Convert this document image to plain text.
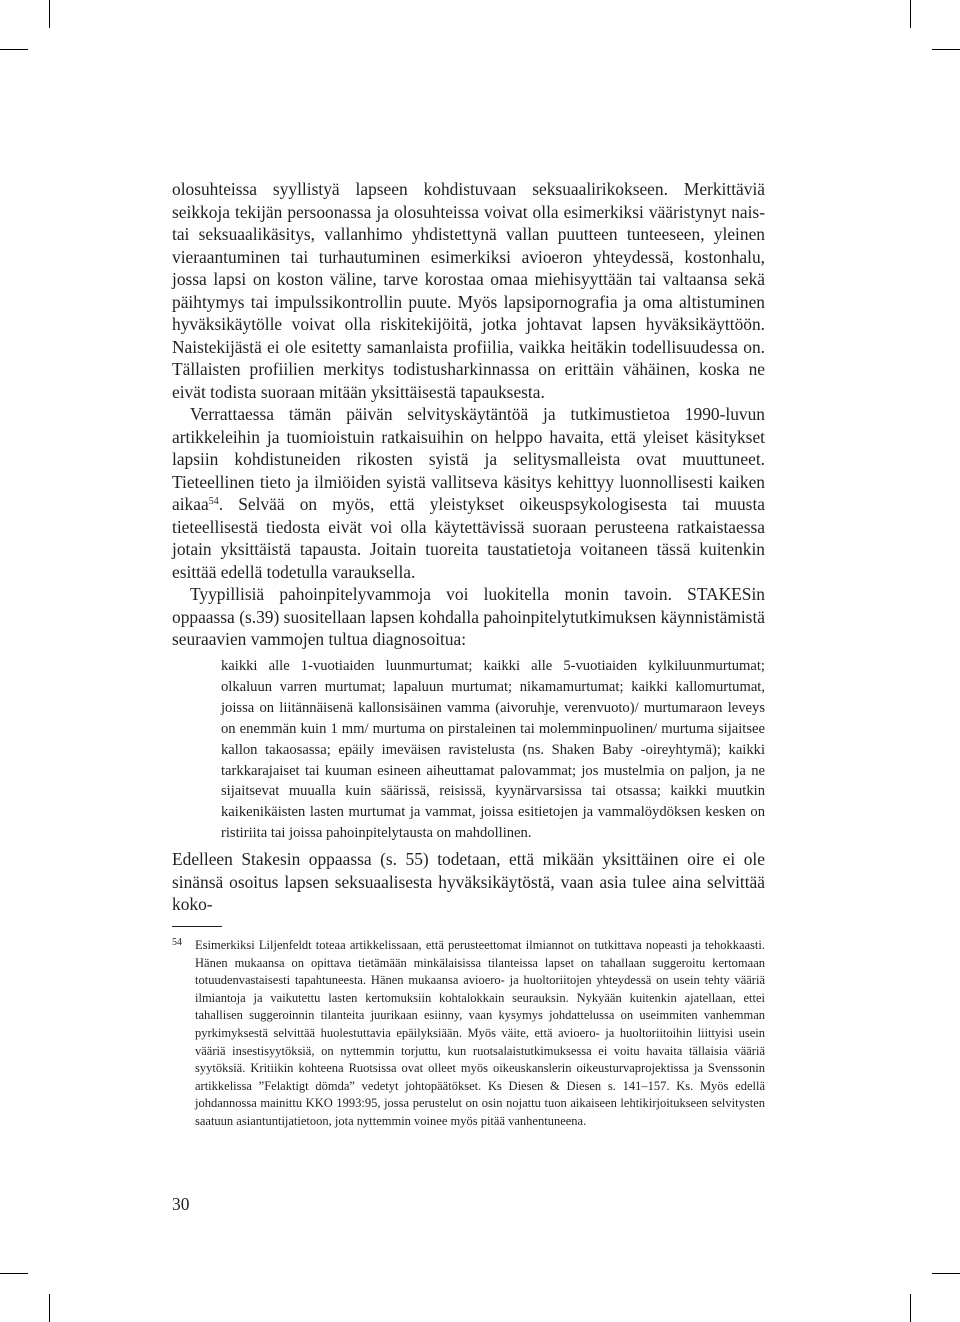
olosuhteissa syyllistyä lapseen kohdistuvaan seksuaalirikokseen. Merkittäviä seikkoja tekijän persoonassa ja olosuhteissa voivat olla esimerkiksi vääristynyt nais- tai seksuaalikäsitys, vallanhimo yhdistettynä vallan puutteen tunteeseen, yleinen vieraantuminen tai turhautuminen esimerkiksi avioeron yhteydessä, kostonhalu, jossa lapsi on koston väline, tarve korostaa omaa miehisyyttään tai valtaansa sekä päihtymys tai impulssikontrollin puute. Myös lapsipornografia ja oma altistuminen hyväksikäytölle voivat olla riskitekijöitä, jotka johtavat lapsen hyväksikäyttöön. Naistekijästä ei ole esitetty samanlaista profiilia, vaikka heitäkin todellisuudessa on. Tällaisten profiilien merkitys todistusharkinnassa on erittäin vähäinen, koska ne eivät todista suoraan mitään yksittäisestä tapauksesta.

Verrattaessa tämän päivän selvityskäytäntöä ja tutkimustietoa 1990-luvun artikkeleihin ja tuomioistuin ratkaisuihin on helppo havaita, että yleiset käsitykset lapsiin kohdistuneiden rikosten syistä ja selitysmalleista ovat muuttuneet. Tieteellinen tieto ja ilmiöiden syistä vallitseva käsitys kehittyy luonnollisesti kaiken aikaa$^{54}$. Selvää on myös, että yleistykset oikeuspsykologisesta tai muusta tieteellisestä tiedosta eivät voi olla käytettävissä suoraan perusteena ratkaistaessa jotain yksittäistä tapausta. Joitain tuoreita taustatietoja voitaneen tässä kuitenkin esittää edellä todetulla varauksella.

Tyypillisiä pahoinpitelyvammoja voi luokitella monin tavoin. STAKESin oppaassa (s.39) suositellaan lapsen kohdalla pahoinpitelytutkimuksen käynnistämistä seuraavien vammojen tultua diagnosoitua:

kaikki alle 1-vuotiaiden luunmurtumat; kaikki alle 5-vuotiaiden kylkiluunmurtumat; olkaluun varren murtumat; lapaluun murtumat; nikamamurtumat; kaikki kallomurtumat, joissa on liitännäisenä kallonsisäinen vamma (aivoruhje, verenvuoto)/ murtumaraon leveys on enemmän kuin 1 mm/ murtuma on pirstaleinen tai molemminpuolinen/ murtuma sijaitsee kallon takaosassa; epäily imeväisen ravistelusta (ns. Shaken Baby -oireyhtymä); kaikki tarkkarajaiset tai kuuman esineen aiheuttamat palovammat; jos mustelmia on paljon, ja ne sijaitsevat muualla kuin säärissä, reisissä, kyynärvarsissa tai otsassa; kaikki muutkin kaikenikäisten lasten murtumat ja vammat, joissa esitietojen ja vammalöydöksen kesken on ristiriita tai joissa pahoinpitelytausta on mahdollinen.

Edelleen Stakesin oppaassa (s. 55) todetaan, että mikään yksittäinen oire ei ole sinänsä osoitus lapsen seksuaalisesta hyväksikäytöstä, vaan asia tulee aina selvittää koko-

54 Esimerkiksi Liljenfeldt toteaa artikkelissaan, että perusteettomat ilmiannot on tutkittava nopeasti ja tehokkaasti. Hänen mukaansa on opittava tietämään minkälaisissa tilanteissa lapset on tahallaan suggeroitu kertomaan totuudenvastaisesti tapahtuneesta. Hänen mukaansa avioero- ja huoltoriitojen yhteydessä on usein tehty vääriä ilmiantoja ja vaikutettu lasten kertomuksiin kohtalokkain seurauksin. Nykyään kuitenkin ajatellaan, ettei tahallisen suggeroinnin tilanteita juurikaan esiinny, vaan kysymys johdattelussa on useimmiten vanhemman pyrkimyksestä selvittää huolestuttavia epäilyksiään. Myös väite, että avioero- ja huoltoriitoihin liittyisi usein vääriä insestisyytöksiä, on nyttemmin torjuttu, kun ruotsalaistutkimuksessa ei voitu havaita tällaisia vääriä syytöksiä. Kritiikin kohteena Ruotsissa ovat olleet myös oikeuskanslerin oikeusturvaprojektissa ja Svenssonin artikkelissa ”Felaktigt dömda” vedetyt johtopäätökset. Ks Diesen & Diesen s. 141–157. Ks. Myös edellä johdannossa mainittu KKO 1993:95, jossa perustelut on osin nojattu tuon aikaiseen lehtikirjoitukseen selvitysten saatuun asiantuntijatietoon, jota nyttemmin voinee myös pitää vanhentuneena.

30
